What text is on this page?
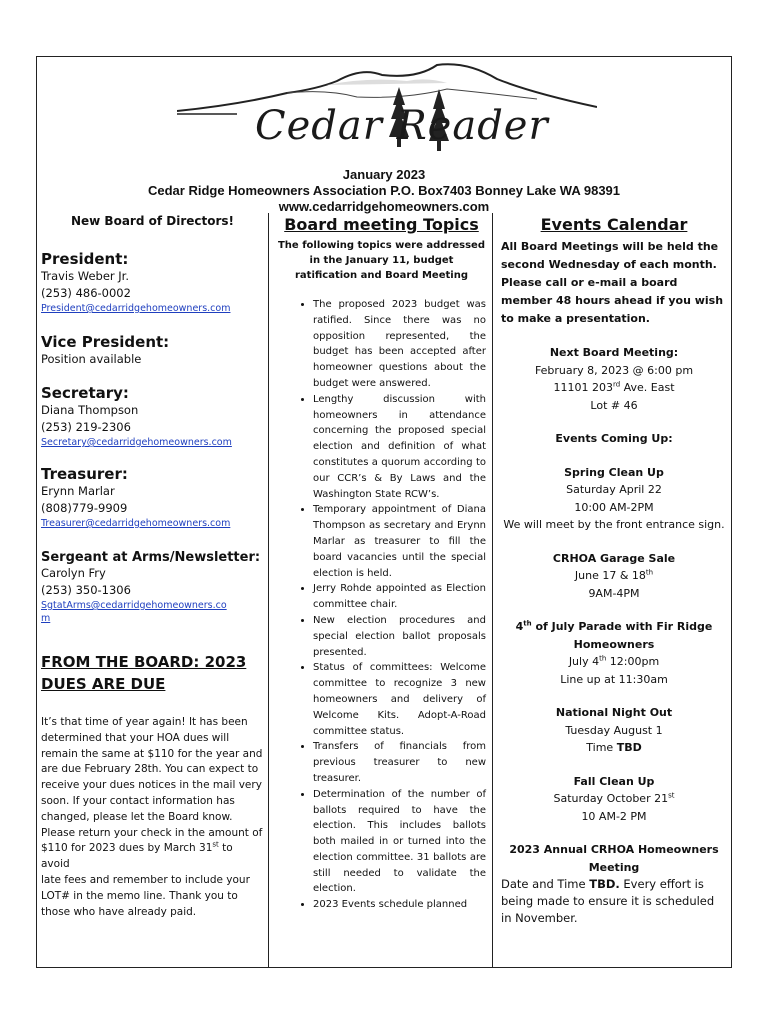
Cedar Reader
January 2023
Cedar Ridge Homeowners Association P.O. Box7403 Bonney Lake WA 98391
www.cedarridgehomeowners.com
New Board of Directors!

President:

Travis Weber Jr.

(253) 486-0002

President@cedarridgehomeowners.com

Vice President:

Position available

Secretary:

Diana Thompson

(253) 219-2306

Secretary@cedarridgehomeowners.com

Treasurer:

Erynn Marlar

(808)779-9909

Treasurer@cedarridgehomeowners.com

Sergeant at Arms/Newsletter:

Carolyn Fry

(253) 350-1306

SgtatArms@cedarridgehomeowners.co
m

FROM THE BOARD: 2023

DUES ARE DUE

It’s that time of year again! It has been

determined that your HOA dues will

remain the same at $110 for the year and

are due February 28th. You can expect to

receive your dues notices in the mail very

soon. If your contact information has

changed, please let the Board know.

Please return your check in the amount of

$110 for 2023 dues by March 31st to avoid

late fees and remember to include your

LOT# in the memo line. Thank you to

those who have already paid.

Board meeting Topics

The following topics were addressed in the January 11, budget ratification and Board Meeting

• The proposed 2023 budget was ratified. Since there was no opposition represented, the budget has been accepted after homeowner questions about the budget were answered.
• Lengthy discussion with homeowners in attendance concerning the proposed special election and definition of what constitutes a quorum according to our CCR’s & By Laws and the Washington State RCW’s.
• Temporary appointment of Diana Thompson as secretary and Erynn Marlar as treasurer to fill the board vacancies until the special election is held.
• Jerry Rohde appointed as Election committee chair.
• New election procedures and special election ballot proposals presented.
• Status of committees: Welcome committee to recognize 3 new homeowners and delivery of Welcome Kits. Adopt-A-Road committee status.
• Transfers of financials from previous treasurer to new treasurer.
• Determination of the number of ballots required to have the election. This includes ballots both mailed in or turned into the election committee. 31 ballots are still needed to validate the election.
• 2023 Events schedule planned
Events Calendar

All Board Meetings will be held the second Wednesday of each month. Please call or e-mail a board member 48 hours ahead if you wish to make a presentation.

Next Board Meeting:

February 8, 2023 @ 6:00 pm

11101 203rd Ave. East

Lot # 46

Events Coming Up:

Spring Clean Up

Saturday April 22

10:00 AM-2PM

We will meet by the front entrance sign.

CRHOA Garage Sale

June 17 & 18th

9AM-4PM

4th of July Parade with Fir Ridge Homeowners

July 4th 12:00pm

Line up at 11:30am

National Night Out

Tuesday August 1

Time TBD

Fall Clean Up

Saturday October 21st

10 AM-2 PM

2023 Annual CRHOA Homeowners Meeting

Date and Time TBD. Every effort is being made to ensure it is scheduled in November.
